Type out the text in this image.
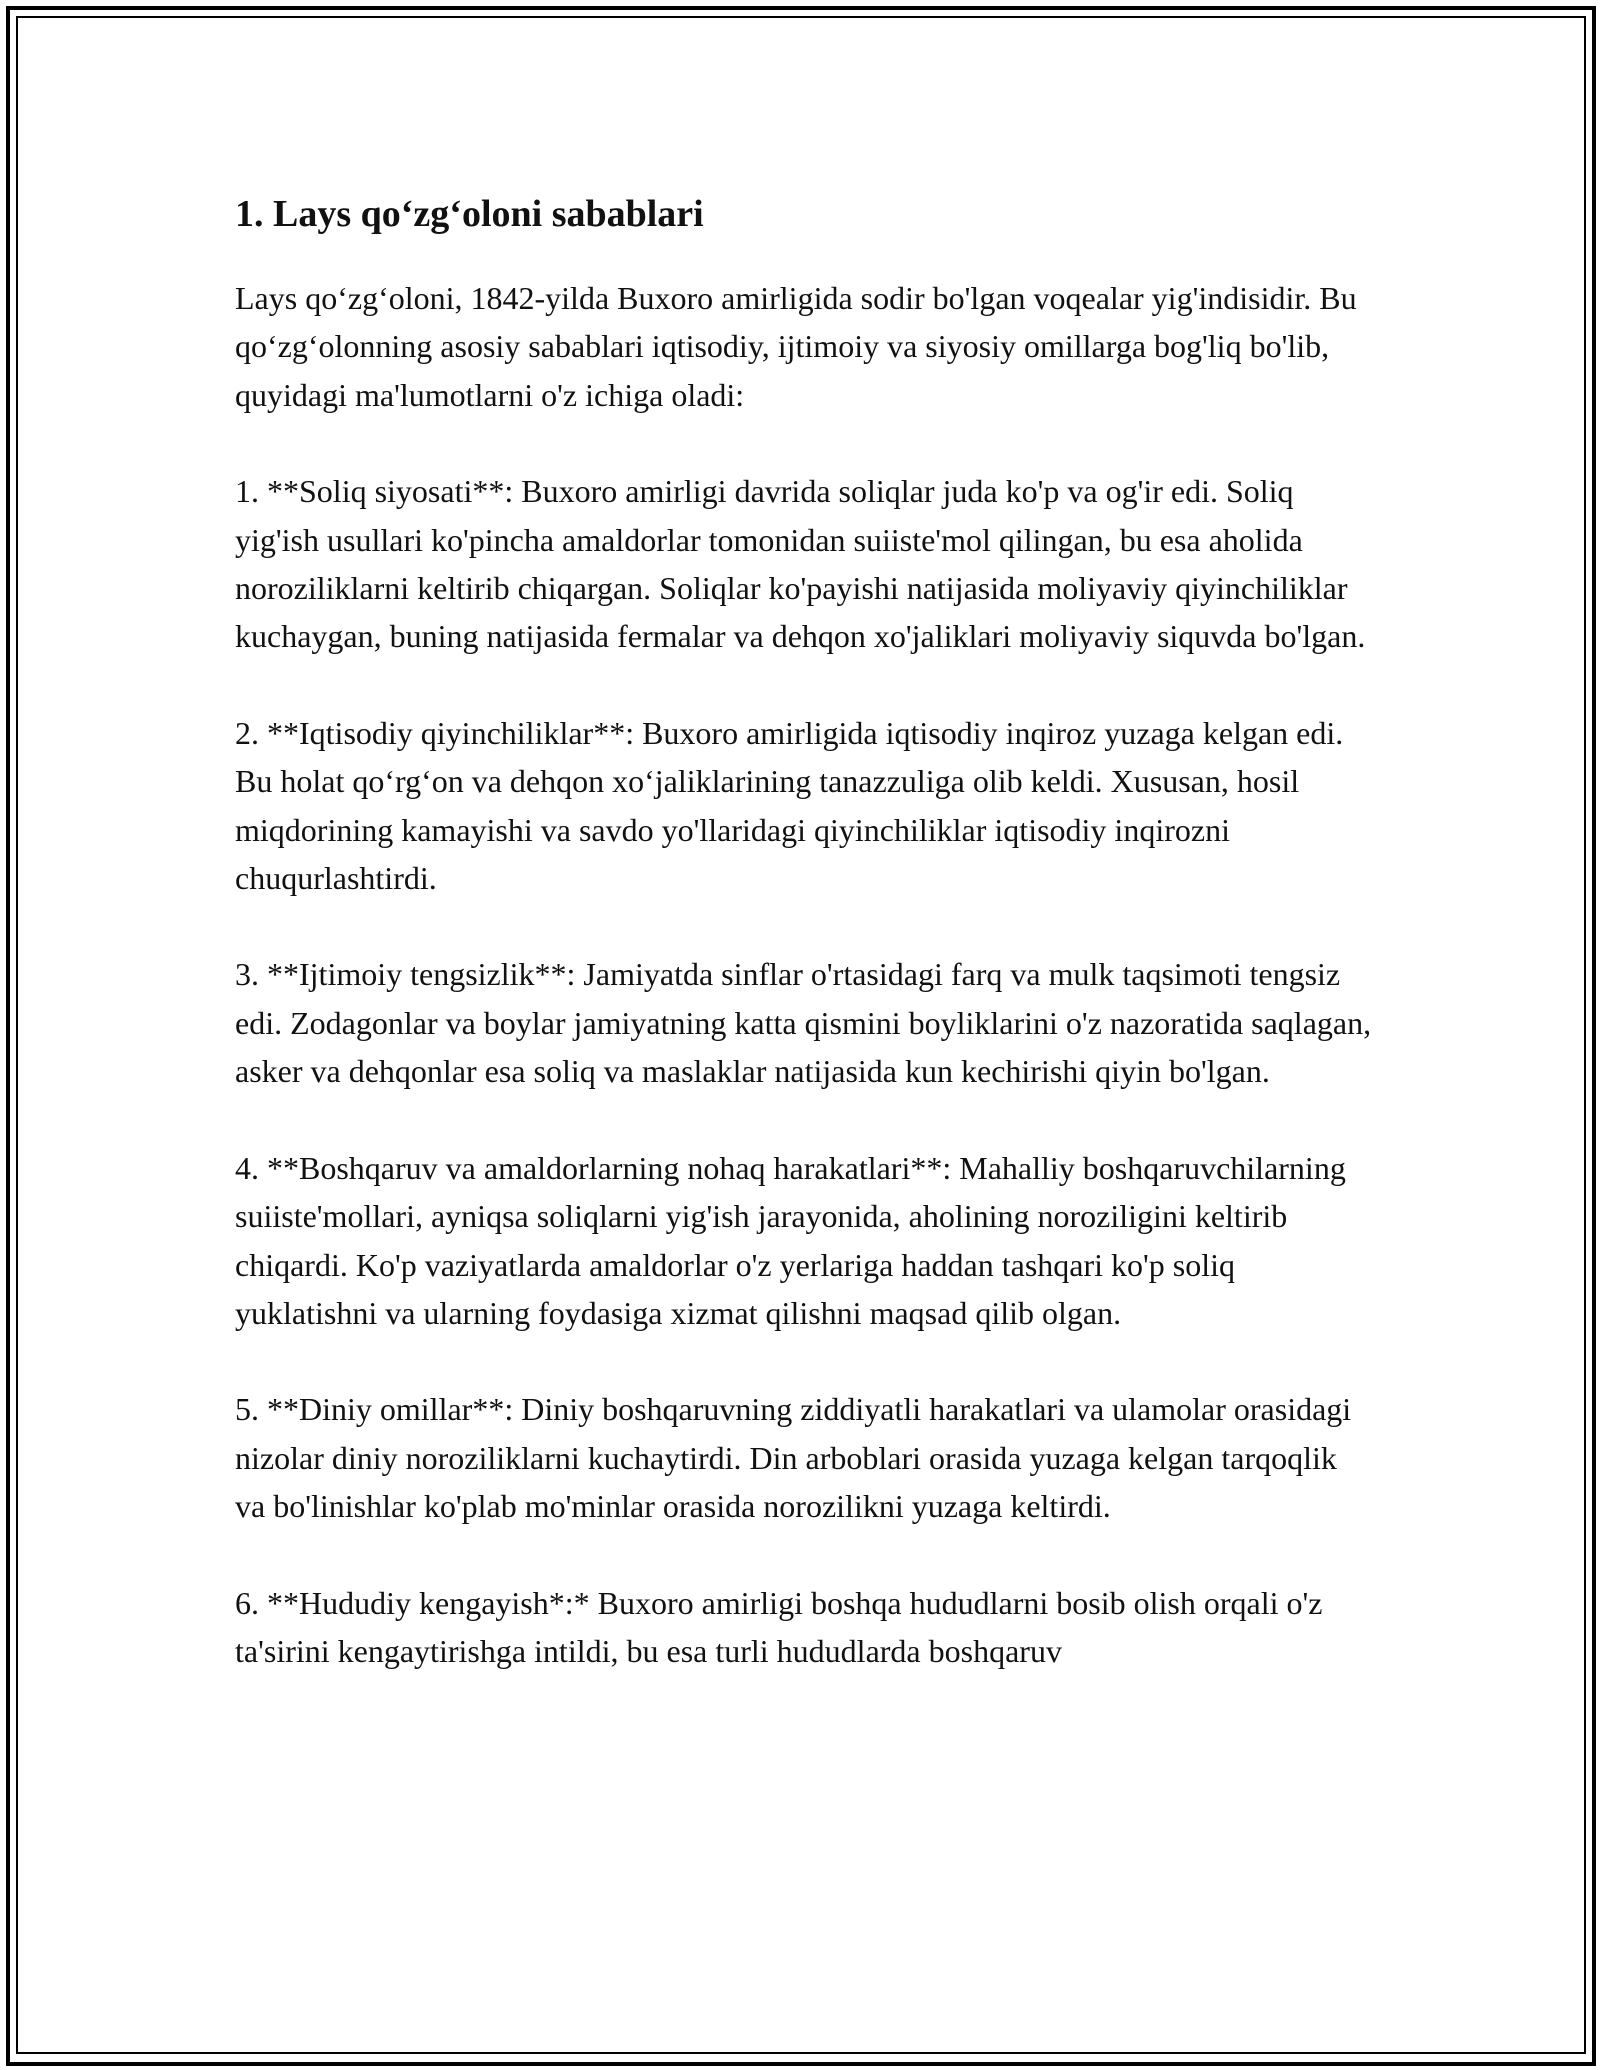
1. Lays qo‘zg‘oloni sabablari

Lays qo‘zg‘oloni, 1842-yilda Buxoro amirligida sodir bo'lgan voqealar yig'indisidir. Bu qo‘zg‘olonning asosiy sabablari iqtisodiy, ijtimoiy va siyosiy omillarga bog'liq bo'lib, quyidagi ma'lumotlarni o'z ichiga oladi:

1. **Soliq siyosati**: Buxoro amirligi davrida soliqlar juda ko'p va og'ir edi. Soliq yig'ish usullari ko'pincha amaldorlar tomonidan suiiste'mol qilingan, bu esa aholida noroziliklarni keltirib chiqargan. Soliqlar ko'payishi natijasida moliyaviy qiyinchiliklar kuchaygan, buning natijasida fermalar va dehqon xo'jaliklari moliyaviy siquvda bo'lgan.

2. **Iqtisodiy qiyinchiliklar**: Buxoro amirligida iqtisodiy inqiroz yuzaga kelgan edi. Bu holat qo‘rg‘on va dehqon xo‘jaliklarining tanazzuliga olib keldi. Xususan, hosil miqdorining kamayishi va savdo yo'llaridagi qiyinchiliklar iqtisodiy inqirozni chuqurlashtirdi.

3. **Ijtimoiy tengsizlik**: Jamiyatda sinflar o'rtasidagi farq va mulk taqsimoti tengsiz edi. Zodagonlar va boylar jamiyatning katta qismini boyliklarini o'z nazoratida saqlagan, asker va dehqonlar esa soliq va maslaklar natijasida kun kechirishi qiyin bo'lgan.

4. **Boshqaruv va amaldorlarning nohaq harakatlari**: Mahalliy boshqaruvchilarning suiiste'mollari, ayniqsa soliqlarni yig'ish jarayonida, aholining noroziligini keltirib chiqardi. Ko'p vaziyatlarda amaldorlar o'z yerlariga haddan tashqari ko'p soliq yuklatishni va ularning foydasiga xizmat qilishni maqsad qilib olgan.

5. **Diniy omillar**: Diniy boshqaruvning ziddiyatli harakatlari va ulamolar orasidagi nizolar diniy noroziliklarni kuchaytirdi. Din arboblari orasida yuzaga kelgan tarqoqlik va bo'linishlar ko'plab mo'minlar orasida norozilikni yuzaga keltirdi.

6. **Hududiy kengayish*:* Buxoro amirligi boshqa hududlarni bosib olish orqali o'z ta'sirini kengaytirishga intildi, bu esa turli hududlarda boshqaruv
